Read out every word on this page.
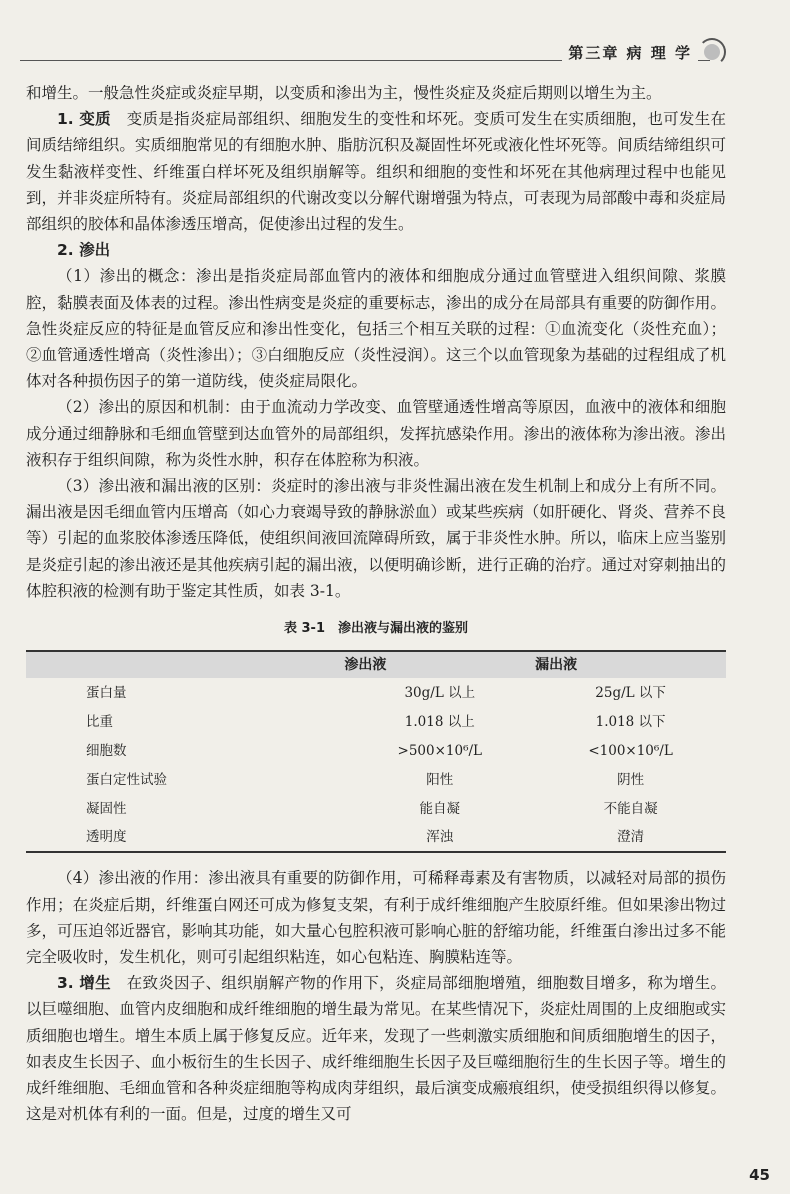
第三章 病 理 学

和增生。一般急性炎症或炎症早期，以变质和渗出为主，慢性炎症及炎症后期则以增生为主。

1. 变质　 变质是指炎症局部组织、细胞发生的变性和坏死。变质可发生在实质细胞，也可发生在间质结缔组织。实质细胞常见的有细胞水肿、脂肪沉积及凝固性坏死或液化性坏死等。间质结缔组织可发生黏液样变性、纤维蛋白样坏死及组织崩解等。组织和细胞的变性和坏死在其他病理过程中也能见到，并非炎症所特有。炎症局部组织的代谢改变以分解代谢增强为特点，可表现为局部酸中毒和炎症局部组织的胶体和晶体渗透压增高，促使渗出过程的发生。

2. 渗出

（1）渗出的概念：渗出是指炎症局部血管内的液体和细胞成分通过血管壁进入组织间隙、浆膜腔，黏膜表面及体表的过程。渗出性病变是炎症的重要标志，渗出的成分在局部具有重要的防御作用。急性炎症反应的特征是血管反应和渗出性变化，包括三个相互关联的过程：①血流变化（炎性充血）；②血管通透性增高（炎性渗出）；③白细胞反应（炎性浸润）。这三个以血管现象为基础的过程组成了机体对各种损伤因子的第一道防线，使炎症局限化。

（2）渗出的原因和机制：由于血流动力学改变、血管壁通透性增高等原因，血液中的液体和细胞成分通过细静脉和毛细血管壁到达血管外的局部组织，发挥抗感染作用。渗出的液体称为渗出液。渗出液积存于组织间隙，称为炎性水肿，积存在体腔称为积液。

（3）渗出液和漏出液的区别：炎症时的渗出液与非炎性漏出液在发生机制上和成分上有所不同。漏出液是因毛细血管内压增高（如心力衰竭导致的静脉淤血）或某些疾病（如肝硬化、肾炎、营养不良等）引起的血浆胶体渗透压降低，使组织间液回流障碍所致，属于非炎性水肿。所以，临床上应当鉴别是炎症引起的渗出液还是其他疾病引起的漏出液，以便明确诊断，进行正确的治疗。通过对穿刺抽出的体腔积液的检测有助于鉴定其性质，如表 3-1。

表 3-1　渗出液与漏出液的鉴别
	渗出液	漏出液
蛋白量	30g/L 以上	25g/L 以下
比重	1.018 以上	1.018 以下
细胞数	>500×10⁶/L	<100×10⁶/L
蛋白定性试验	阳性	阴性
凝固性	能自凝	不能自凝
透明度	浑浊	澄清

（4）渗出液的作用：渗出液具有重要的防御作用，可稀释毒素及有害物质，以减轻对局部的损伤作用；在炎症后期，纤维蛋白网还可成为修复支架，有利于成纤维细胞产生胶原纤维。但如果渗出物过多，可压迫邻近器官，影响其功能，如大量心包腔积液可影响心脏的舒缩功能，纤维蛋白渗出过多不能完全吸收时，发生机化，则可引起组织粘连，如心包粘连、胸膜粘连等。

3. 增生　 在致炎因子、组织崩解产物的作用下，炎症局部细胞增殖，细胞数目增多，称为增生。以巨噬细胞、血管内皮细胞和成纤维细胞的增生最为常见。在某些情况下，炎症灶周围的上皮细胞或实质细胞也增生。增生本质上属于修复反应。近年来，发现了一些刺激实质细胞和间质细胞增生的因子，如表皮生长因子、血小板衍生的生长因子、成纤维细胞生长因子及巨噬细胞衍生的生长因子等。增生的成纤维细胞、毛细血管和各种炎症细胞等构成肉芽组织，最后演变成瘢痕组织，使受损组织得以修复。这是对机体有利的一面。但是，过度的增生又可

45
